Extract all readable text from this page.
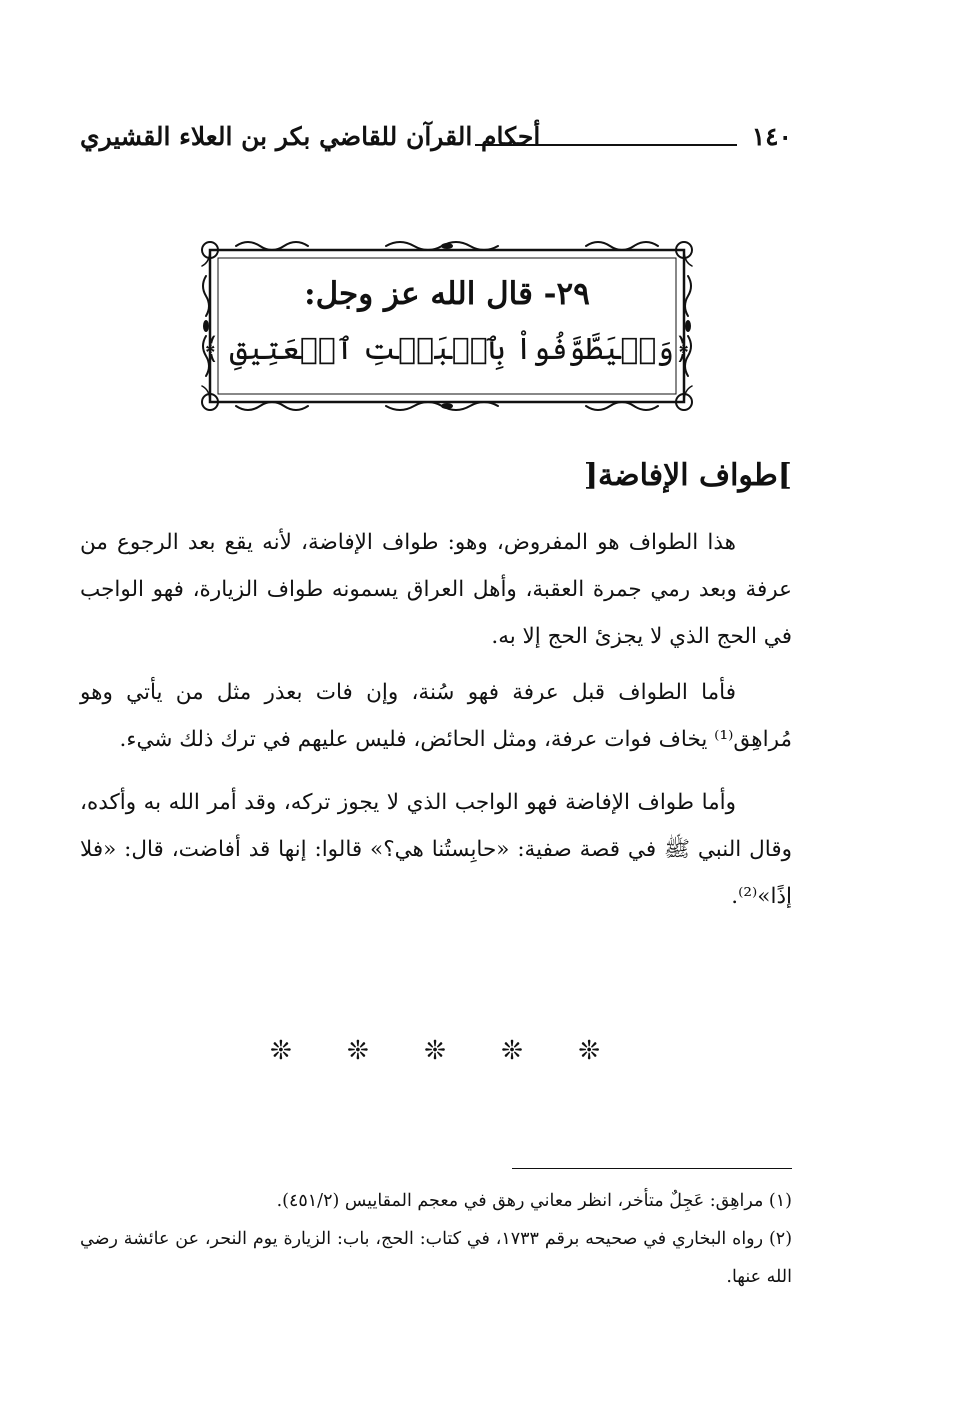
أحكام القرآن للقاضي بكر بن العلاء القشيري	١٤٠
٢٩- قال الله عز وجل:
﴿وَلۡيَطَّوَّفُواْ بِٱلۡبَيۡتِ ٱلۡعَتِيقِ ﴾
]طواف الإفاضة[

هذا الطواف هو المفروض، وهو: طواف الإفاضة، لأنه يقع بعد الرجوع من عرفة وبعد رمي جمرة العقبة، وأهل العراق يسمونه طواف الزيارة، فهو الواجب في الحج الذي لا يجزئ الحج إلا به.

فأما الطواف قبل عرفة فهو سُنة، وإن فات بعذر مثل من يأتي وهو مُراهِق⁽¹⁾ يخاف فوات عرفة، ومثل الحائض، فليس عليهم في ترك ذلك شيء.

وأما طواف الإفاضة فهو الواجب الذي لا يجوز تركه، وقد أمر الله به وأكده، وقال النبي ﷺ في قصة صفية: «حابِستُنا هي؟» قالوا: إنها قد أفاضت، قال: «فلا إذًا»⁽²⁾.

❊ ❊ ❊ ❊ ❊

(١) مراهِق: عَجِلٌ متأخر، انظر معاني رهق في معجم المقاييس (٤٥١/٢).

(٢) رواه البخاري في صحيحه برقم ١٧٣٣، في كتاب: الحج، باب: الزيارة يوم النحر، عن عائشة رضي الله عنها.
